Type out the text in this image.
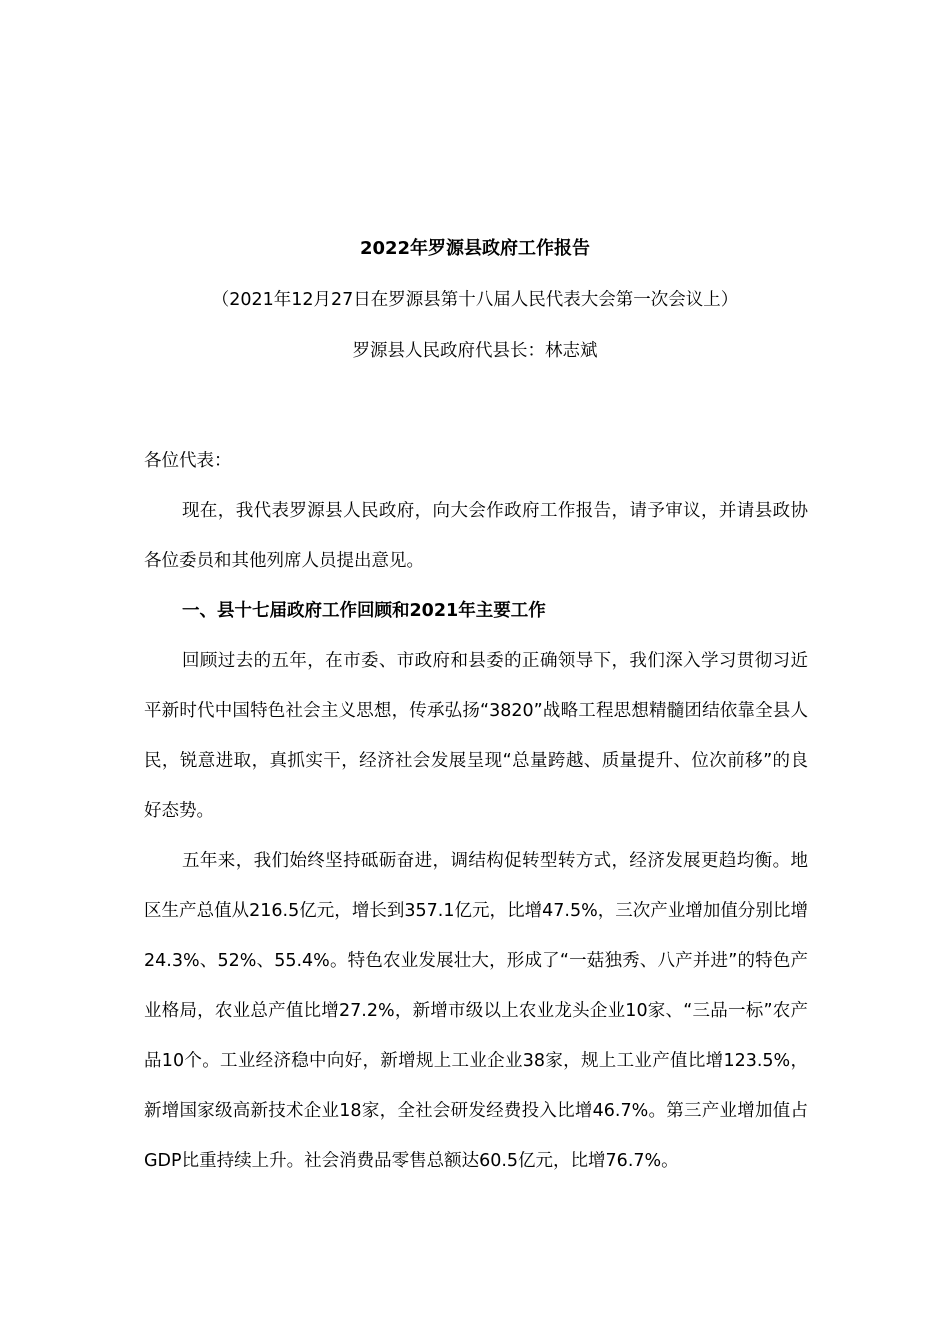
2022年罗源县政府工作报告
（2021年12月27日在罗源县第十八届人民代表大会第一次会议上）
罗源县人民政府代县长：林志斌

各位代表：

现在，我代表罗源县人民政府，向大会作政府工作报告，请予审议，并请县政协各位委员和其他列席人员提出意见。

一、县十七届政府工作回顾和2021年主要工作

回顾过去的五年，在市委、市政府和县委的正确领导下，我们深入学习贯彻习近平新时代中国特色社会主义思想，传承弘扬“3820”战略工程思想精髓团结依靠全县人民，锐意进取，真抓实干，经济社会发展呈现“总量跨越、质量提升、位次前移”的良好态势。

五年来，我们始终坚持砥砺奋进，调结构促转型转方式，经济发展更趋均衡。地区生产总值从216.5亿元，增长到357.1亿元，比增47.5%，三次产业增加值分别比增24.3%、52%、55.4%。特色农业发展壮大，形成了“一菇独秀、八产并进”的特色产业格局，农业总产值比增27.2%，新增市级以上农业龙头企业10家、“三品一标”农产品10个。工业经济稳中向好，新增规上工业企业38家，规上工业产值比增123.5%，新增国家级高新技术企业18家，全社会研发经费投入比增46.7%。第三产业增加值占GDP比重持续上升。社会消费品零售总额达60.5亿元，比增76.7%。
